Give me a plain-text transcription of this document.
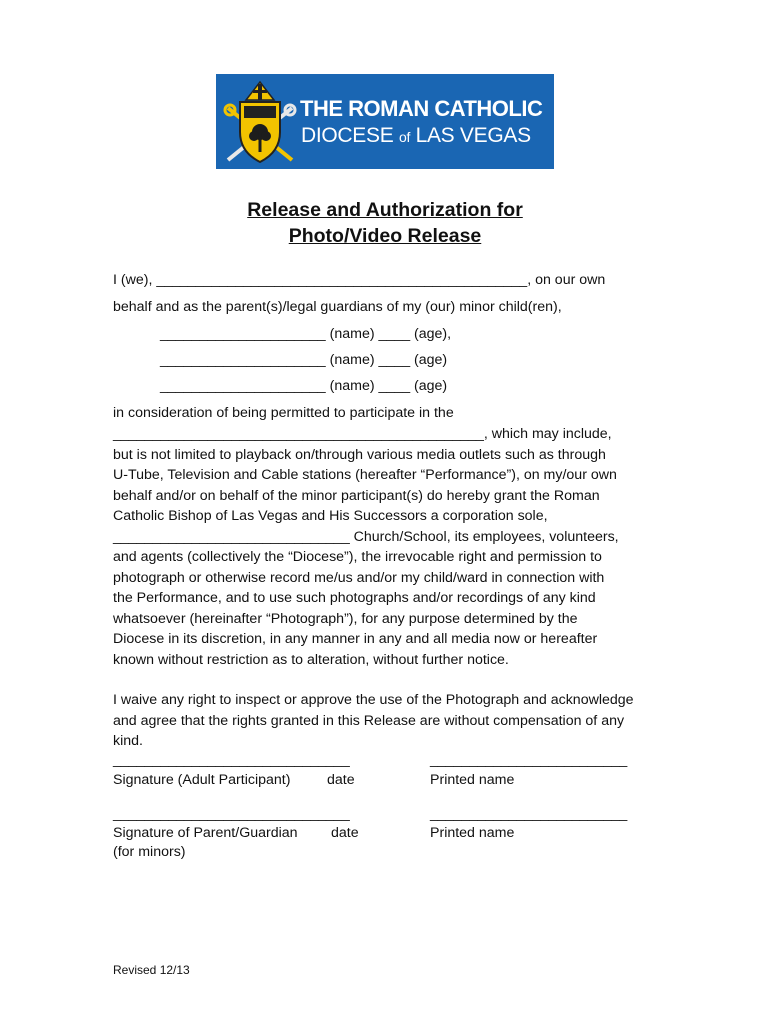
THE ROMAN CATHOLIC
DIOCESE of LAS VEGAS
Release and Authorization for
Photo/Video Release
I (we), _______________________________________________, on our own
behalf and as the parent(s)/legal guardians of my (our) minor child(ren),
_____________________ (name) ____ (age),
_____________________ (name) ____ (age)
_____________________ (name) ____ (age)
in consideration of being permitted to participate in the
_______________________________________________, which may include,
but is not limited to playback on/through various media outlets such as through
U-Tube, Television and Cable stations (hereafter “Performance”), on my/our own
behalf and/or on behalf of the minor participant(s) do hereby grant the Roman
Catholic Bishop of Las Vegas and His Successors a corporation sole,
______________________________ Church/School, its employees, volunteers,
and agents (collectively the “Diocese”), the irrevocable right and permission to
photograph or otherwise record me/us and/or my child/ward in connection with
the Performance, and to use such photographs and/or recordings of any kind
whatsoever (hereinafter “Photograph”), for any purpose determined by the
Diocese in its discretion, in any manner in any and all media now or hereafter
known without restriction as to alteration, without further notice.
I waive any right to inspect or approve the use of the Photograph and acknowledge
and agree that the rights granted in this Release are without compensation of any
kind.
______________________________	_________________________
Signature (Adult Participant)	date	Printed name
______________________________	_________________________
Signature of Parent/Guardian date	Printed name
(for minors)
Revised 12/13
